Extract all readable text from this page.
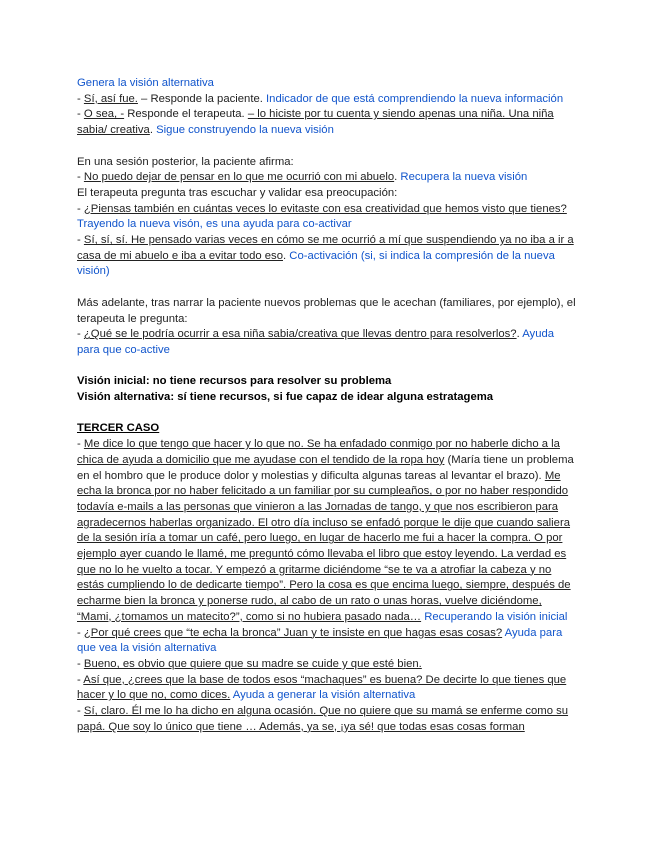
Genera la visión alternativa

- Sí, así fue. – Responde la paciente. Indicador de que está comprendiendo la nueva información

- O sea, - Responde el terapeuta. – lo hiciste por tu cuenta y siendo apenas una niña. Una niña sabia/ creativa. Sigue construyendo la nueva visión

En una sesión posterior, la paciente afirma:

- No puedo dejar de pensar en lo que me ocurrió con mi abuelo. Recupera la nueva visión

El terapeuta pregunta tras escuchar y validar esa preocupación:

- ¿Piensas también en cuántas veces lo evitaste con esa creatividad que hemos visto que tienes? Trayendo la nueva visón, es una ayuda para co-activar

- Sí, sí, sí. He pensado varias veces en cómo se me ocurrió a mí que suspendiendo ya no iba a ir a casa de mi abuelo e iba a evitar todo eso. Co-activación (si, si indica la compresión de la nueva visión)

Más adelante, tras narrar la paciente nuevos problemas que le acechan (familiares, por ejemplo), el terapeuta le pregunta:

- ¿Qué se le podría ocurrir a esa niña sabia/creativa que llevas dentro para resolverlos?. Ayuda para que co-active

Visión inicial: no tiene recursos para resolver su problema

Visión alternativa: sí tiene recursos, si fue capaz de idear alguna estratagema

TERCER CASO

- Me dice lo que tengo que hacer y lo que no. Se ha enfadado conmigo por no haberle dicho a la chica de ayuda a domicilio que me ayudase con el tendido de la ropa hoy (María tiene un problema en el hombro que le produce dolor y molestias y dificulta algunas tareas al levantar el brazo). Me echa la bronca por no haber felicitado a un familiar por su cumpleaños, o por no haber respondido todavía e-mails a las personas que vinieron a las Jornadas de tango, y que nos escribieron para agradecernos haberlas organizado. El otro día incluso se enfadó porque le dije que cuando saliera de la sesión iría a tomar un café, pero luego, en lugar de hacerlo me fui a hacer la compra. O por ejemplo ayer cuando le llamé, me preguntó cómo llevaba el libro que estoy leyendo. La verdad es que no lo he vuelto a tocar. Y empezó a gritarme diciéndome “se te va a atrofiar la cabeza y no estás cumpliendo lo de dedicarte tiempo”. Pero la cosa es que encima luego, siempre, después de echarme bien la bronca y ponerse rudo, al cabo de un rato o unas horas, vuelve diciéndome, “Mami, ¿tomamos un matecito?”, como si no hubiera pasado nada… Recuperando la visión inicial

- ¿Por qué crees que “te echa la bronca” Juan y te insiste en que hagas esas cosas? Ayuda para que vea la visión alternativa

- Bueno, es obvio que quiere que su madre se cuide y que esté bien.

- Así que, ¿crees que la base de todos esos “machaques” es buena? De decirte lo que tienes que hacer y lo que no, como dices. Ayuda a generar la visión alternativa

- Sí, claro. Él me lo ha dicho en alguna ocasión. Que no quiere que su mamá se enferme como su papá. Que soy lo único que tiene … Además, ya se, ¡ya sé! que todas esas cosas forman
